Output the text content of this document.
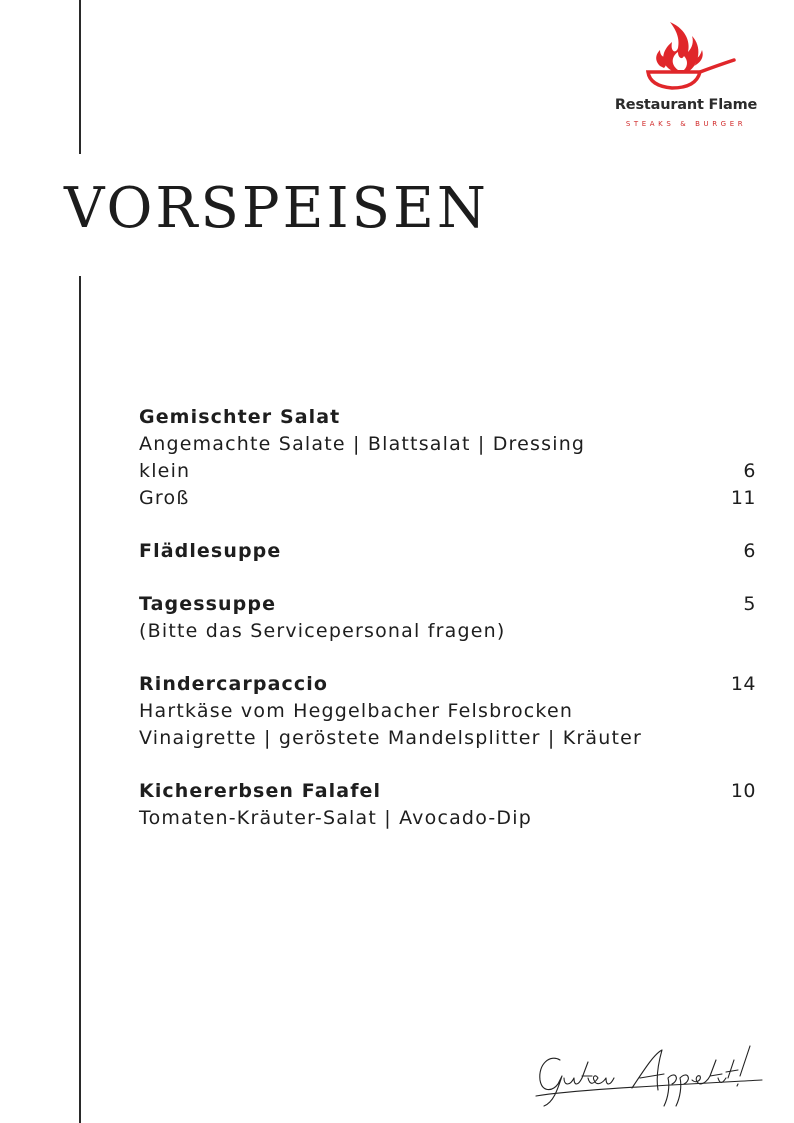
Restaurant Flame
STEAKS & BURGER
VORSPEISEN
Gemischter Salat
Angemachte Salate | Blattsalat | Dressing
klein	6
Groß	11
Flädlesuppe	6
Tagessuppe	5
(Bitte das Servicepersonal fragen)
Rindercarpaccio	14
Hartkäse vom Heggelbacher Felsbrocken
Vinaigrette | geröstete Mandelsplitter | Kräuter
Kichererbsen Falafel	10
Tomaten-Kräuter-Salat | Avocado-Dip
